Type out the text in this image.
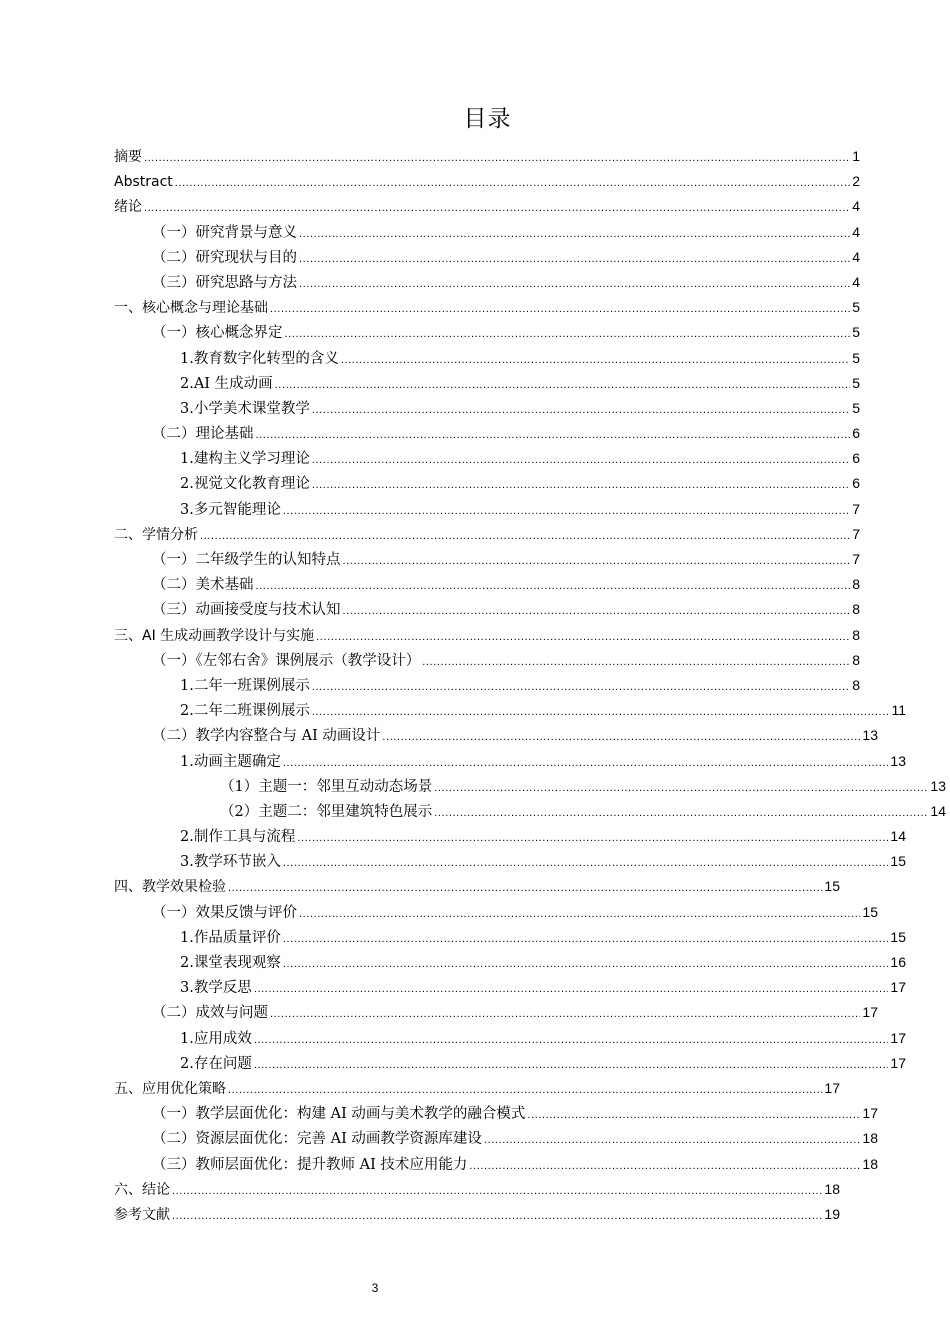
目录
摘要 .....	1
Abstract .....	2
绪论 .....	4
（一）研究背景与意义 .....	4
（二）研究现状与目的 .....	4
（三）研究思路与方法 .....	4
一、核心概念与理论基础 .....	5
（一）核心概念界定 .....	5
1.教育数字化转型的含义 .....	5
2.AI 生成动画 .....	5
3.小学美术课堂教学 .....	5
（二）理论基础 .....	6
1.建构主义学习理论 .....	6
2.视觉文化教育理论 .....	6
3.多元智能理论 .....	7
二、学情分析 .....	7
（一）二年级学生的认知特点 .....	7
（二）美术基础 .....	8
（三）动画接受度与技术认知 .....	8
三、AI 生成动画教学设计与实施 .....	8
（一）《左邻右舍》课例展示（教学设计） .....	8
1.二年一班课例展示 .....	8
2.二年二班课例展示 .....	11
（二）教学内容整合与 AI 动画设计 .....	13
1.动画主题确定 .....	13
（1）主题一：邻里互动动态场景 .....	13
（2）主题二：邻里建筑特色展示 .....	14
2.制作工具与流程 .....	14
3.教学环节嵌入 .....	15
四、教学效果检验 .....	15
（一）效果反馈与评价 .....	15
1.作品质量评价 .....	15
2.课堂表现观察 .....	16
3.教学反思 .....	17
（二）成效与问题 .....	17
1.应用成效 .....	17
2.存在问题 .....	17
五、应用优化策略 .....	17
（一）教学层面优化：构建 AI 动画与美术教学的融合模式 .....	17
（二）资源层面优化：完善 AI 动画教学资源库建设 .....	18
（三）教师层面优化：提升教师 AI 技术应用能力 .....	18
六、结论 .....	18
参考文献 .....	19
3
